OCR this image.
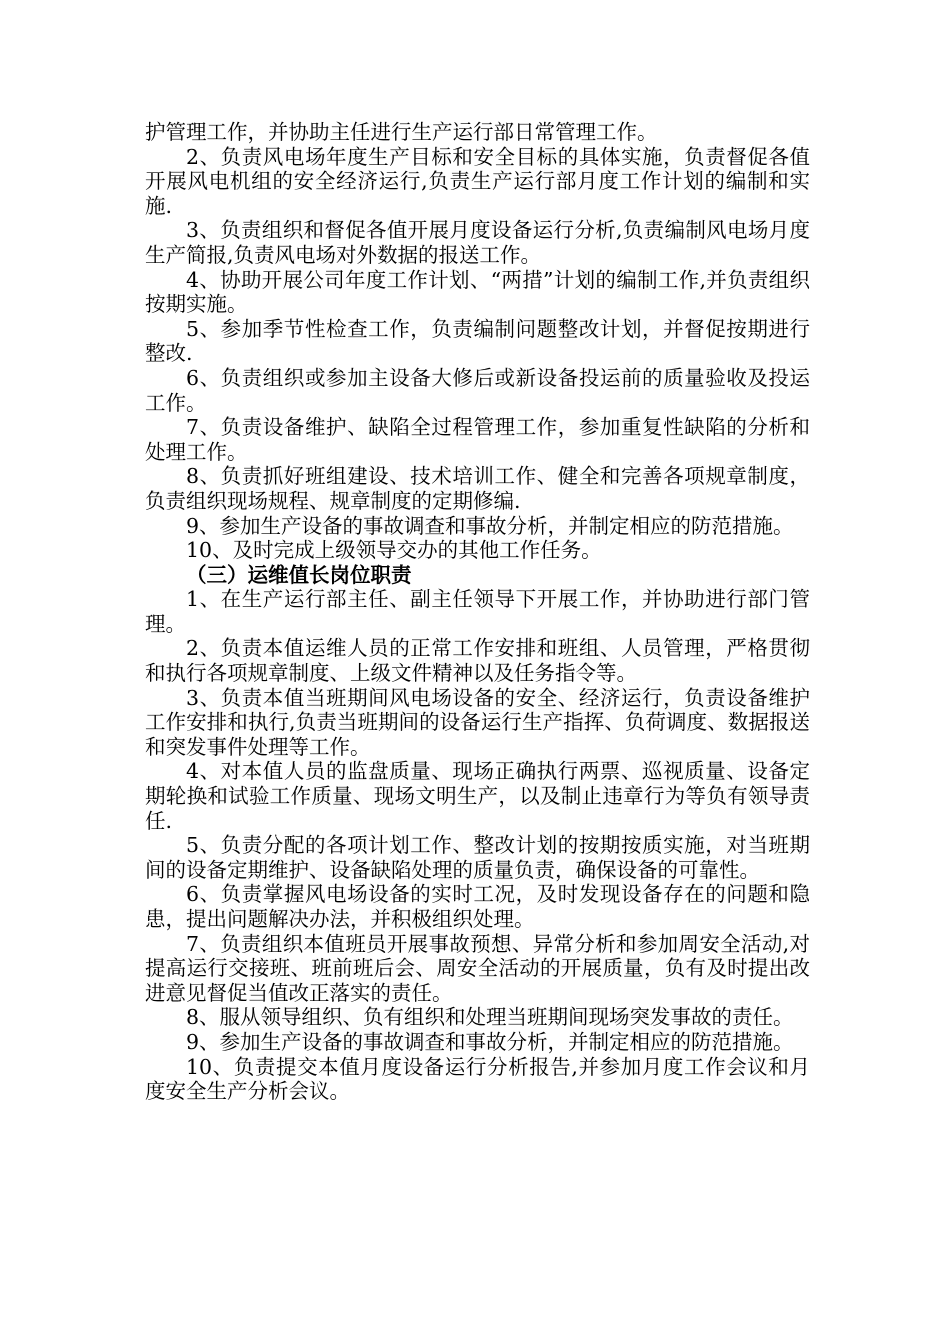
护管理工作，并协助主任进行生产运行部日常管理工作。

2、负责风电场年度生产目标和安全目标的具体实施，负责督促各值开展风电机组的安全经济运行,负责生产运行部月度工作计划的编制和实施.

3、负责组织和督促各值开展月度设备运行分析,负责编制风电场月度生产简报,负责风电场对外数据的报送工作。

4、协助开展公司年度工作计划、“两措”计划的编制工作,并负责组织按期实施。

5、参加季节性检查工作，负责编制问题整改计划，并督促按期进行整改.

6、负责组织或参加主设备大修后或新设备投运前的质量验收及投运工作。

7、负责设备维护、缺陷全过程管理工作，参加重复性缺陷的分析和处理工作。

8、负责抓好班组建设、技术培训工作、健全和完善各项规章制度，负责组织现场规程、规章制度的定期修编.

9、参加生产设备的事故调查和事故分析，并制定相应的防范措施。

10、及时完成上级领导交办的其他工作任务。

（三）运维值长岗位职责

1、在生产运行部主任、副主任领导下开展工作，并协助进行部门管理。

2、负责本值运维人员的正常工作安排和班组、人员管理，严格贯彻和执行各项规章制度、上级文件精神以及任务指令等。

3、负责本值当班期间风电场设备的安全、经济运行，负责设备维护工作安排和执行,负责当班期间的设备运行生产指挥、负荷调度、数据报送和突发事件处理等工作。

4、对本值人员的监盘质量、现场正确执行两票、巡视质量、设备定期轮换和试验工作质量、现场文明生产，以及制止违章行为等负有领导责任.

5、负责分配的各项计划工作、整改计划的按期按质实施，对当班期间的设备定期维护、设备缺陷处理的质量负责，确保设备的可靠性。

6、负责掌握风电场设备的实时工况，及时发现设备存在的问题和隐患，提出问题解决办法，并积极组织处理。

7、负责组织本值班员开展事故预想、异常分析和参加周安全活动,对提高运行交接班、班前班后会、周安全活动的开展质量，负有及时提出改进意见督促当值改正落实的责任。

8、服从领导组织、负有组织和处理当班期间现场突发事故的责任。

9、参加生产设备的事故调查和事故分析，并制定相应的防范措施。

10、负责提交本值月度设备运行分析报告,并参加月度工作会议和月度安全生产分析会议。
